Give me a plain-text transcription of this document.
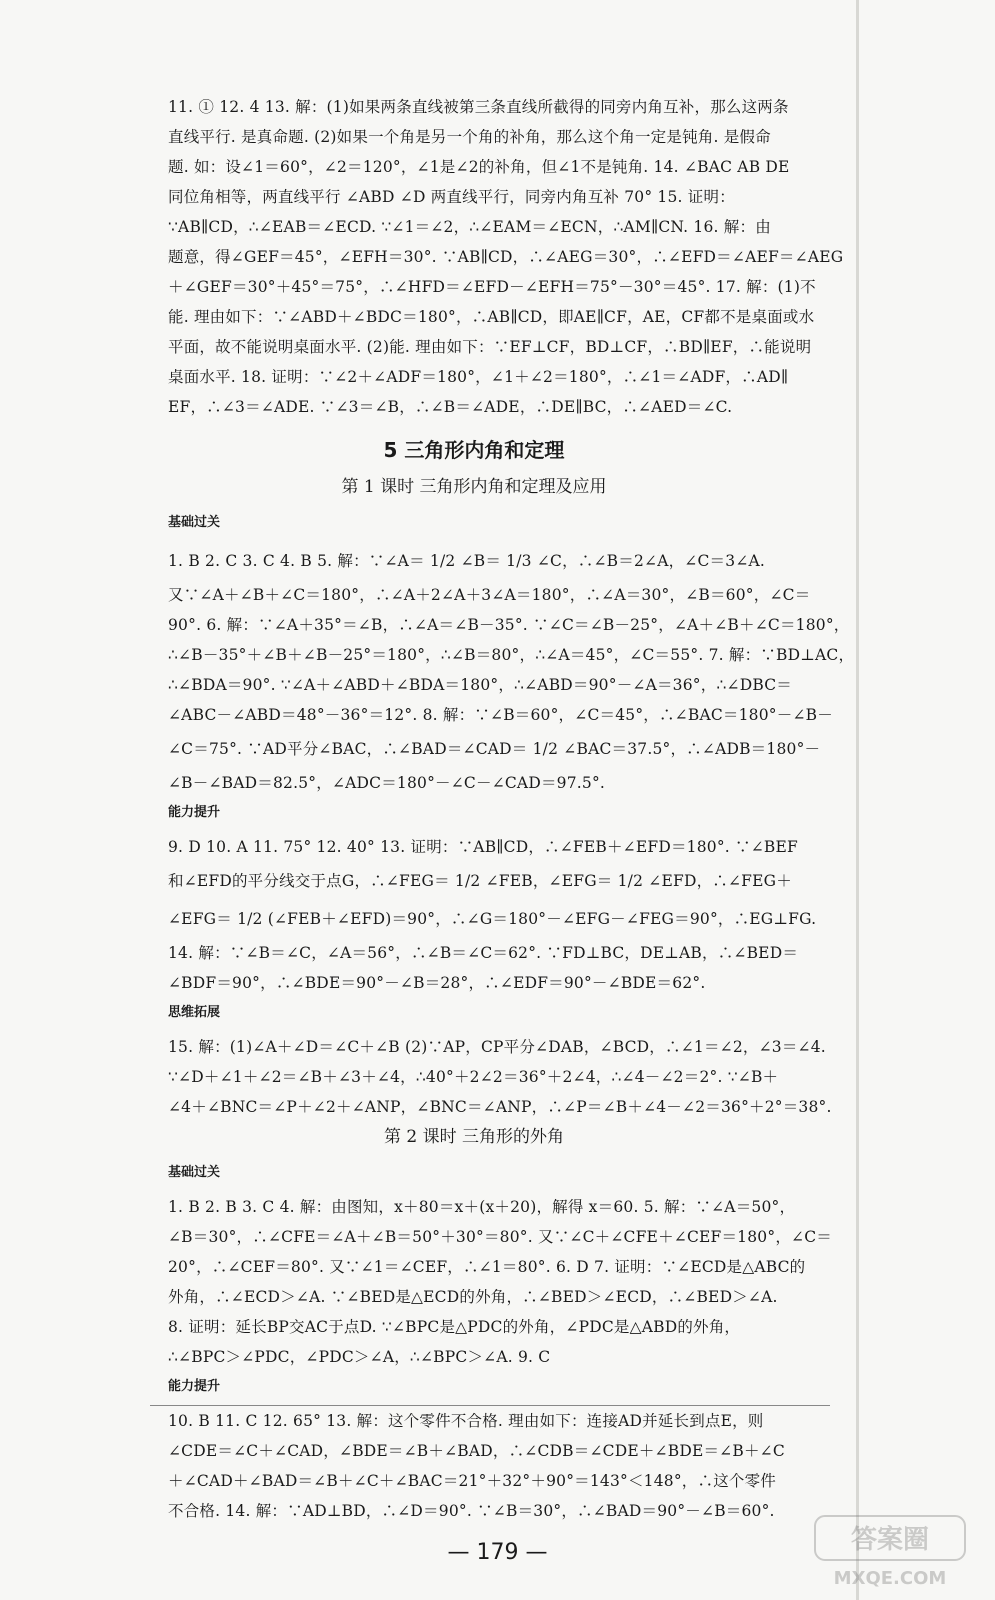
11. ① 12. 4 13. 解：(1)如果两条直线被第三条直线所截得的同旁内角互补，那么这两条
直线平行. 是真命题. (2)如果一个角是另一个角的补角，那么这个角一定是钝角. 是假命
题. 如：设∠1＝60°，∠2＝120°，∠1是∠2的补角，但∠1不是钝角. 14. ∠BAC AB DE
同位角相等，两直线平行 ∠ABD ∠D 两直线平行，同旁内角互补 70° 15. 证明：
∵AB∥CD，∴∠EAB＝∠ECD. ∵∠1＝∠2，∴∠EAM＝∠ECN，∴AM∥CN. 16. 解：由
题意，得∠GEF＝45°，∠EFH＝30°. ∵AB∥CD，∴∠AEG＝30°，∴∠EFD＝∠AEF＝∠AEG
＋∠GEF＝30°＋45°＝75°，∴∠HFD＝∠EFD－∠EFH＝75°－30°＝45°. 17. 解：(1)不
能. 理由如下：∵∠ABD＋∠BDC＝180°，∴AB∥CD，即AE∥CF，AE，CF都不是桌面或水
平面，故不能说明桌面水平. (2)能. 理由如下：∵EF⊥CF，BD⊥CF，∴BD∥EF，∴能说明
桌面水平. 18. 证明：∵∠2＋∠ADF＝180°，∠1＋∠2＝180°，∴∠1＝∠ADF，∴AD∥
EF，∴∠3＝∠ADE. ∵∠3＝∠B，∴∠B＝∠ADE，∴DE∥BC，∴∠AED＝∠C.
5 三角形内角和定理
第 1 课时 三角形内角和定理及应用
基础过关
1. B 2. C 3. C 4. B 5. 解：∵∠A＝ 1/2 ∠B＝ 1/3 ∠C，∴∠B＝2∠A，∠C＝3∠A.
又∵∠A＋∠B＋∠C＝180°，∴∠A＋2∠A＋3∠A＝180°，∴∠A＝30°，∠B＝60°，∠C＝
90°. 6. 解：∵∠A＋35°＝∠B，∴∠A＝∠B－35°. ∵∠C＝∠B－25°，∠A＋∠B＋∠C＝180°，
∴∠B－35°＋∠B＋∠B－25°＝180°，∴∠B＝80°，∴∠A＝45°，∠C＝55°. 7. 解：∵BD⊥AC，
∴∠BDA＝90°. ∵∠A＋∠ABD＋∠BDA＝180°，∴∠ABD＝90°－∠A＝36°，∴∠DBC＝
∠ABC－∠ABD＝48°－36°＝12°. 8. 解：∵∠B＝60°，∠C＝45°，∴∠BAC＝180°－∠B－
∠C＝75°. ∵AD平分∠BAC，∴∠BAD＝∠CAD＝ 1/2 ∠BAC＝37.5°，∴∠ADB＝180°－
∠B－∠BAD＝82.5°，∠ADC＝180°－∠C－∠CAD＝97.5°.
能力提升
9. D 10. A 11. 75° 12. 40° 13. 证明：∵AB∥CD，∴∠FEB＋∠EFD＝180°. ∵∠BEF
和∠EFD的平分线交于点G，∴∠FEG＝ 1/2 ∠FEB，∠EFG＝ 1/2 ∠EFD，∴∠FEG＋
∠EFG＝ 1/2 (∠FEB＋∠EFD)＝90°，∴∠G＝180°－∠EFG－∠FEG＝90°，∴EG⊥FG.
14. 解：∵∠B＝∠C，∠A＝56°，∴∠B＝∠C＝62°. ∵FD⊥BC，DE⊥AB，∴∠BED＝
∠BDF＝90°，∴∠BDE＝90°－∠B＝28°，∴∠EDF＝90°－∠BDE＝62°.
思维拓展
15. 解：(1)∠A＋∠D＝∠C＋∠B (2)∵AP，CP平分∠DAB，∠BCD，∴∠1＝∠2，∠3＝∠4.
∵∠D＋∠1＋∠2＝∠B＋∠3＋∠4，∴40°＋2∠2＝36°＋2∠4，∴∠4－∠2＝2°. ∵∠B＋
∠4＋∠BNC＝∠P＋∠2＋∠ANP，∠BNC＝∠ANP，∴∠P＝∠B＋∠4－∠2＝36°＋2°＝38°.
第 2 课时 三角形的外角
基础过关
1. B 2. B 3. C 4. 解：由图知，x＋80＝x＋(x＋20)，解得 x＝60. 5. 解：∵∠A＝50°，
∠B＝30°，∴∠CFE＝∠A＋∠B＝50°＋30°＝80°. 又∵∠C＋∠CFE＋∠CEF＝180°，∠C＝
20°，∴∠CEF＝80°. 又∵∠1＝∠CEF，∴∠1＝80°. 6. D 7. 证明：∵∠ECD是△ABC的
外角，∴∠ECD＞∠A. ∵∠BED是△ECD的外角，∴∠BED＞∠ECD，∴∠BED＞∠A.
8. 证明：延长BP交AC于点D. ∵∠BPC是△PDC的外角，∠PDC是△ABD的外角，
∴∠BPC＞∠PDC，∠PDC＞∠A，∴∠BPC＞∠A. 9. C
能力提升
10. B 11. C 12. 65° 13. 解：这个零件不合格. 理由如下：连接AD并延长到点E，则
∠CDE＝∠C＋∠CAD，∠BDE＝∠B＋∠BAD，∴∠CDB＝∠CDE＋∠BDE＝∠B＋∠C
＋∠CAD＋∠BAD＝∠B＋∠C＋∠BAC＝21°＋32°＋90°＝143°＜148°，∴这个零件
不合格. 14. 解：∵AD⊥BD，∴∠D＝90°. ∵∠B＝30°，∴∠BAD＝90°－∠B＝60°.
— 179 —	答案圈
MXQE.COM
